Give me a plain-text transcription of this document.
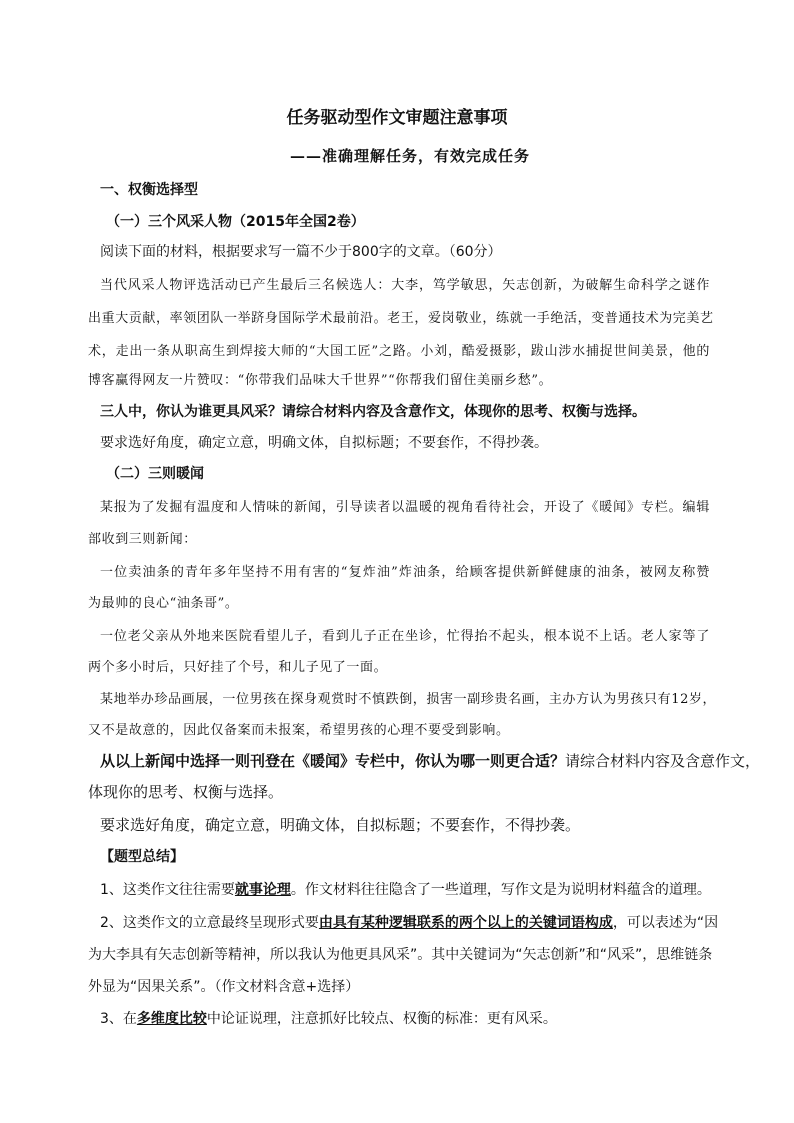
任务驱动型作文审题注意事项
——准确理解任务，有效完成任务
一、权衡选择型
（一）三个风采人物（2015年全国2卷）
阅读下面的材料，根据要求写一篇不少于800字的文章。（60分）
当代风采人物评选活动已产生最后三名候选人：大李，笃学敏思，矢志创新，为破解生命科学之谜作
出重大贡献，率领团队一举跻身国际学术最前沿。老王，爱岗敬业，练就一手绝活，变普通技术为完美艺
术，走出一条从职高生到焊接大师的“大国工匠”之路。小刘，酷爱摄影，跋山涉水捕捉世间美景，他的
博客赢得网友一片赞叹：“你带我们品味大千世界”“你帮我们留住美丽乡愁”。
三人中，你认为谁更具风采？请综合材料内容及含意作文，体现你的思考、权衡与选择。
要求选好角度，确定立意，明确文体，自拟标题；不要套作，不得抄袭。
（二）三则暖闻
某报为了发掘有温度和人情味的新闻，引导读者以温暖的视角看待社会，开设了《暖闻》专栏。编辑
部收到三则新闻：
一位卖油条的青年多年坚持不用有害的“复炸油”炸油条，给顾客提供新鲜健康的油条，被网友称赞
为最帅的良心“油条哥”。
一位老父亲从外地来医院看望儿子，看到儿子正在坐诊，忙得抬不起头，根本说不上话。老人家等了
两个多小时后，只好挂了个号，和儿子见了一面。
某地举办珍品画展，一位男孩在探身观赏时不慎跌倒，损害一副珍贵名画，主办方认为男孩只有12岁，
又不是故意的，因此仅备案而未报案，希望男孩的心理不要受到影响。
从以上新闻中选择一则刊登在《暖闻》专栏中，你认为哪一则更合适？请综合材料内容及含意作文，
体现你的思考、权衡与选择。
要求选好角度，确定立意，明确文体，自拟标题；不要套作，不得抄袭。
【题型总结】
1、这类作文往往需要就事论理。作文材料往往隐含了一些道理，写作文是为说明材料蕴含的道理。
2、这类作文的立意最终呈现形式要由具有某种逻辑联系的两个以上的关键词语构成，可以表述为“因
为大李具有矢志创新等精神，所以我认为他更具风采”。其中关键词为“矢志创新”和“风采”，思维链条
外显为“因果关系”。（作文材料含意+选择）
3、在多维度比较中论证说理，注意抓好比较点、权衡的标准：更有风采。
